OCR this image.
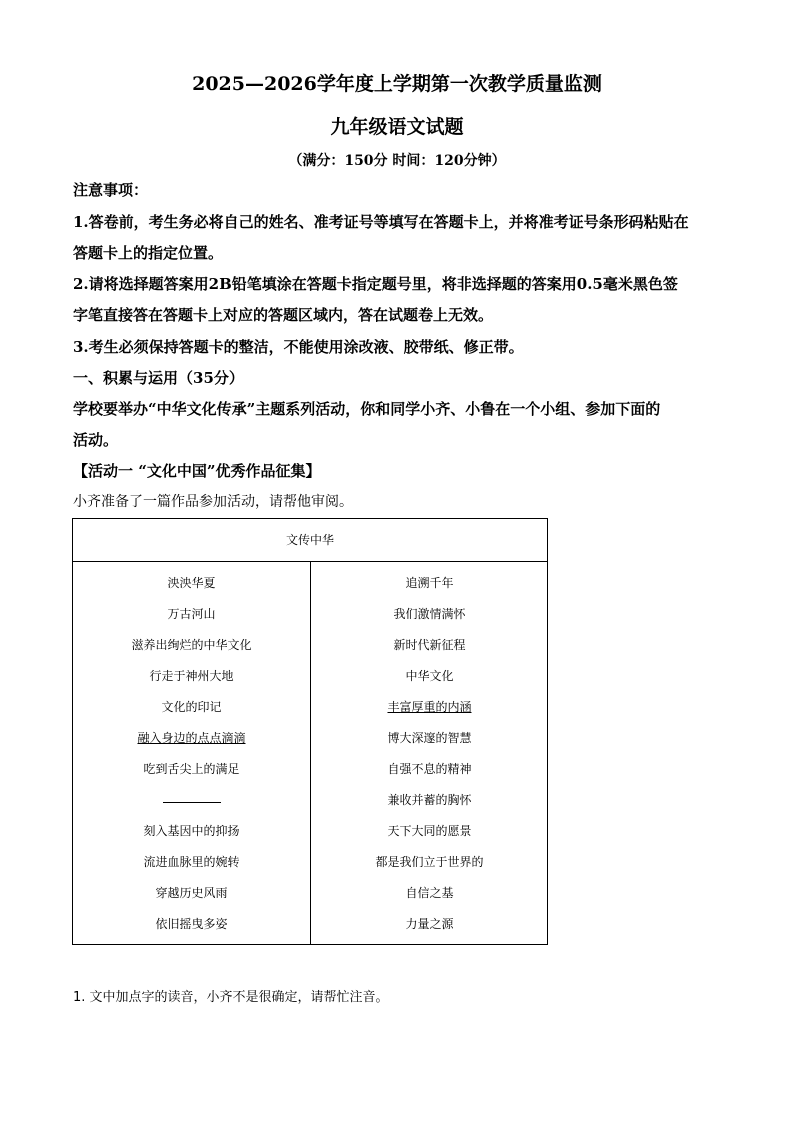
2025—2026学年度上学期第一次教学质量监测
九年级语文试题
（满分：150分 时间：120分钟）
注意事项：
1.答卷前，考生务必将自己的姓名、准考证号等填写在答题卡上，并将准考证号条形码粘贴在
答题卡上的指定位置。
2.请将选择题答案用2B铅笔填涂在答题卡指定题号里，将非选择题的答案用0.5毫米黑色签
字笔直接答在答题卡上对应的答题区域内，答在试题卷上无效。
3.考生必须保持答题卡的整洁，不能使用涂改液、胶带纸、修正带。
一、积累与运用（35分）
学校要举办“中华文化传承”主题系列活动，你和同学小齐、小鲁在一个小组、参加下面的
活动。
【活动一 “文化中国”优秀作品征集】
小齐准备了一篇作品参加活动，请帮他审阅。
文传中华
泱泱华夏
万古河山
滋养出绚烂的中华文化
行走于神州大地
文化的印记
融入身边的点点滴滴
吃到舌尖上的满足
刻入基因中的抑扬
流进血脉里的婉转
穿越历史风雨
依旧摇曳多姿
追溯千年
我们激情满怀
新时代新征程
中华文化
丰富厚重的内涵
博大深邃的智慧
自强不息的精神
兼收并蓄的胸怀
天下大同的愿景
都是我们立于世界的
自信之基
力量之源
1. 文中加点字的读音，小齐不是很确定，请帮忙注音。
